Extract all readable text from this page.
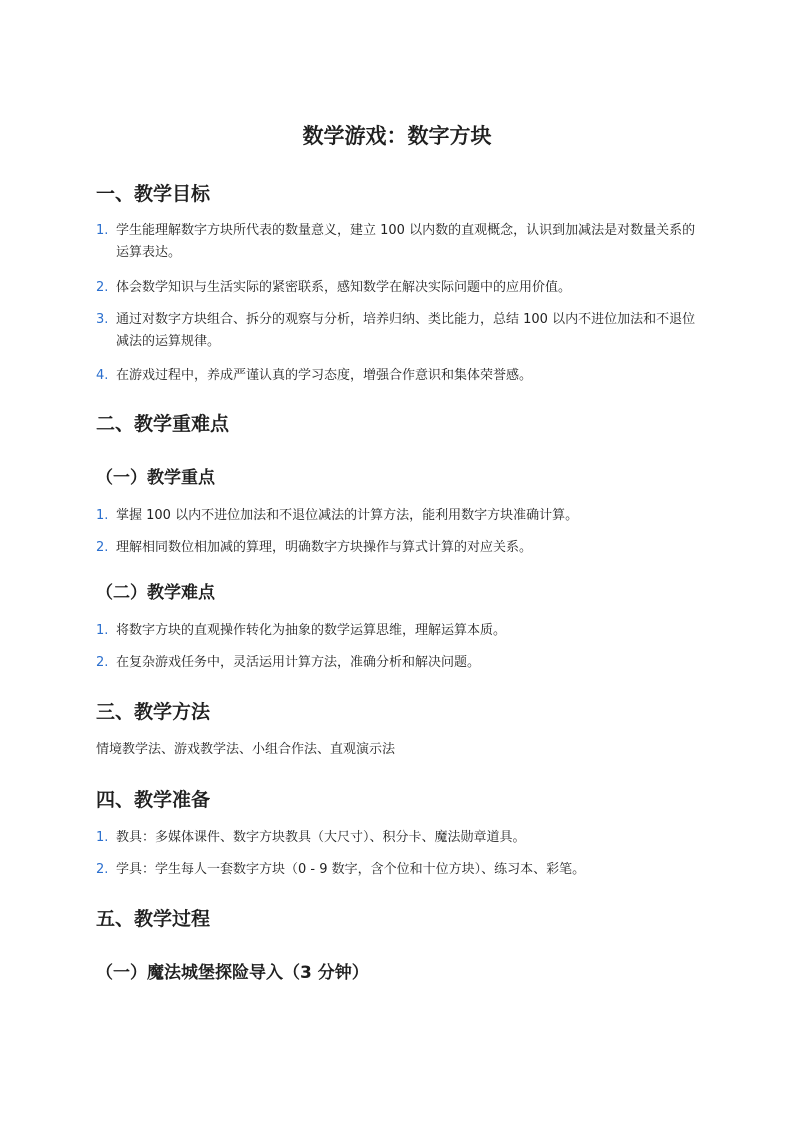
数学游戏：数字方块
一、教学目标
1. 学生能理解数字方块所代表的数量意义，建立 100 以内数的直观概念，认识到加减法是对数量关系的运算表达。
2. 体会数学知识与生活实际的紧密联系，感知数学在解决实际问题中的应用价值。
3. 通过对数字方块组合、拆分的观察与分析，培养归纳、类比能力，总结 100 以内不进位加法和不退位减法的运算规律。
4. 在游戏过程中，养成严谨认真的学习态度，增强合作意识和集体荣誉感。
二、教学重难点
（一）教学重点
1. 掌握 100 以内不进位加法和不退位减法的计算方法，能利用数字方块准确计算。
2. 理解相同数位相加减的算理，明确数字方块操作与算式计算的对应关系。
（二）教学难点
1. 将数字方块的直观操作转化为抽象的数学运算思维，理解运算本质。
2. 在复杂游戏任务中，灵活运用计算方法，准确分析和解决问题。
三、教学方法

情境教学法、游戏教学法、小组合作法、直观演示法

四、教学准备
1. 教具：多媒体课件、数字方块教具（大尺寸）、积分卡、魔法勋章道具。
2. 学具：学生每人一套数字方块（0 - 9 数字，含个位和十位方块）、练习本、彩笔。
五、教学过程
（一）魔法城堡探险导入（3 分钟）
